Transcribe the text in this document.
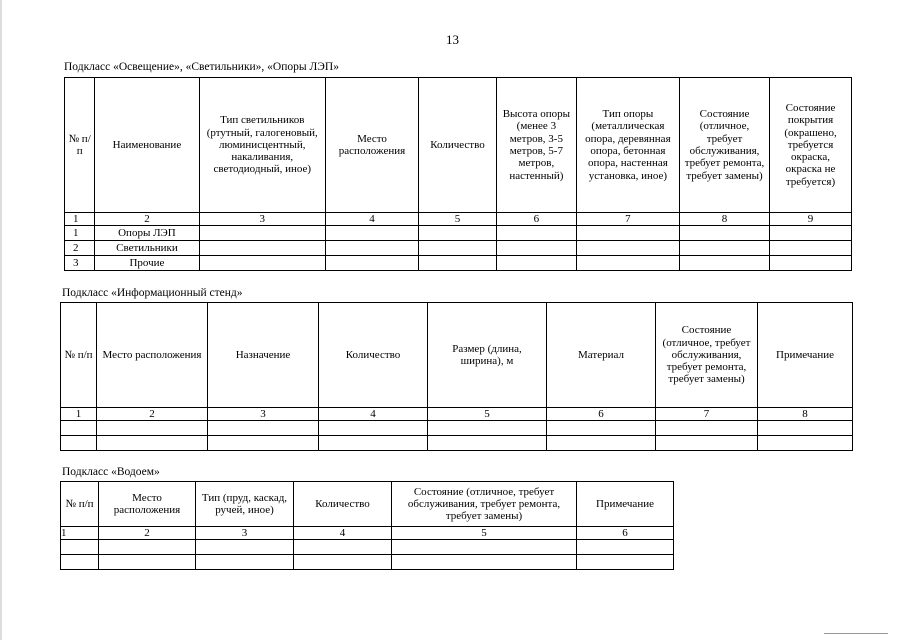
13
Подкласс «Освещение», «Светильники», «Опоры ЛЭП»
№ п/п	Наименование	Тип светильников (ртутный, галогеновый, люминисцентный, накаливания, светодиодный, иное)	Место расположения	Количество	Высота опоры (менее 3 метров, 3-5 метров, 5-7 метров, настенный)	Тип опоры (металлическая опора, деревянная опора, бетонная опора, настенная установка, иное)	Состояние (отличное, требует обслуживания, требует ремонта, требует замены)	Состояние покрытия (окрашено, требуется окраска, окраска не требуется)
1	2	3	4	5	6	7	8	9
1	Опоры ЛЭП							
2	Светильники							
3	Прочие							
Подкласс «Информационный стенд»
№ п/п	Место расположения	Назначение	Количество	Размер (длина, ширина), м	Материал	Состояние (отличное, требует обслуживания, требует ремонта, требует замены)	Примечание
1	2	3	4	5	6	7	8

Подкласс «Водоем»
№ п/п	Место расположения	Тип (пруд, каскад, ручей, иное)	Количество	Состояние (отличное, требует обслуживания, требует ремонта, требует замены)	Примечание
1	2	3	4	5	6
